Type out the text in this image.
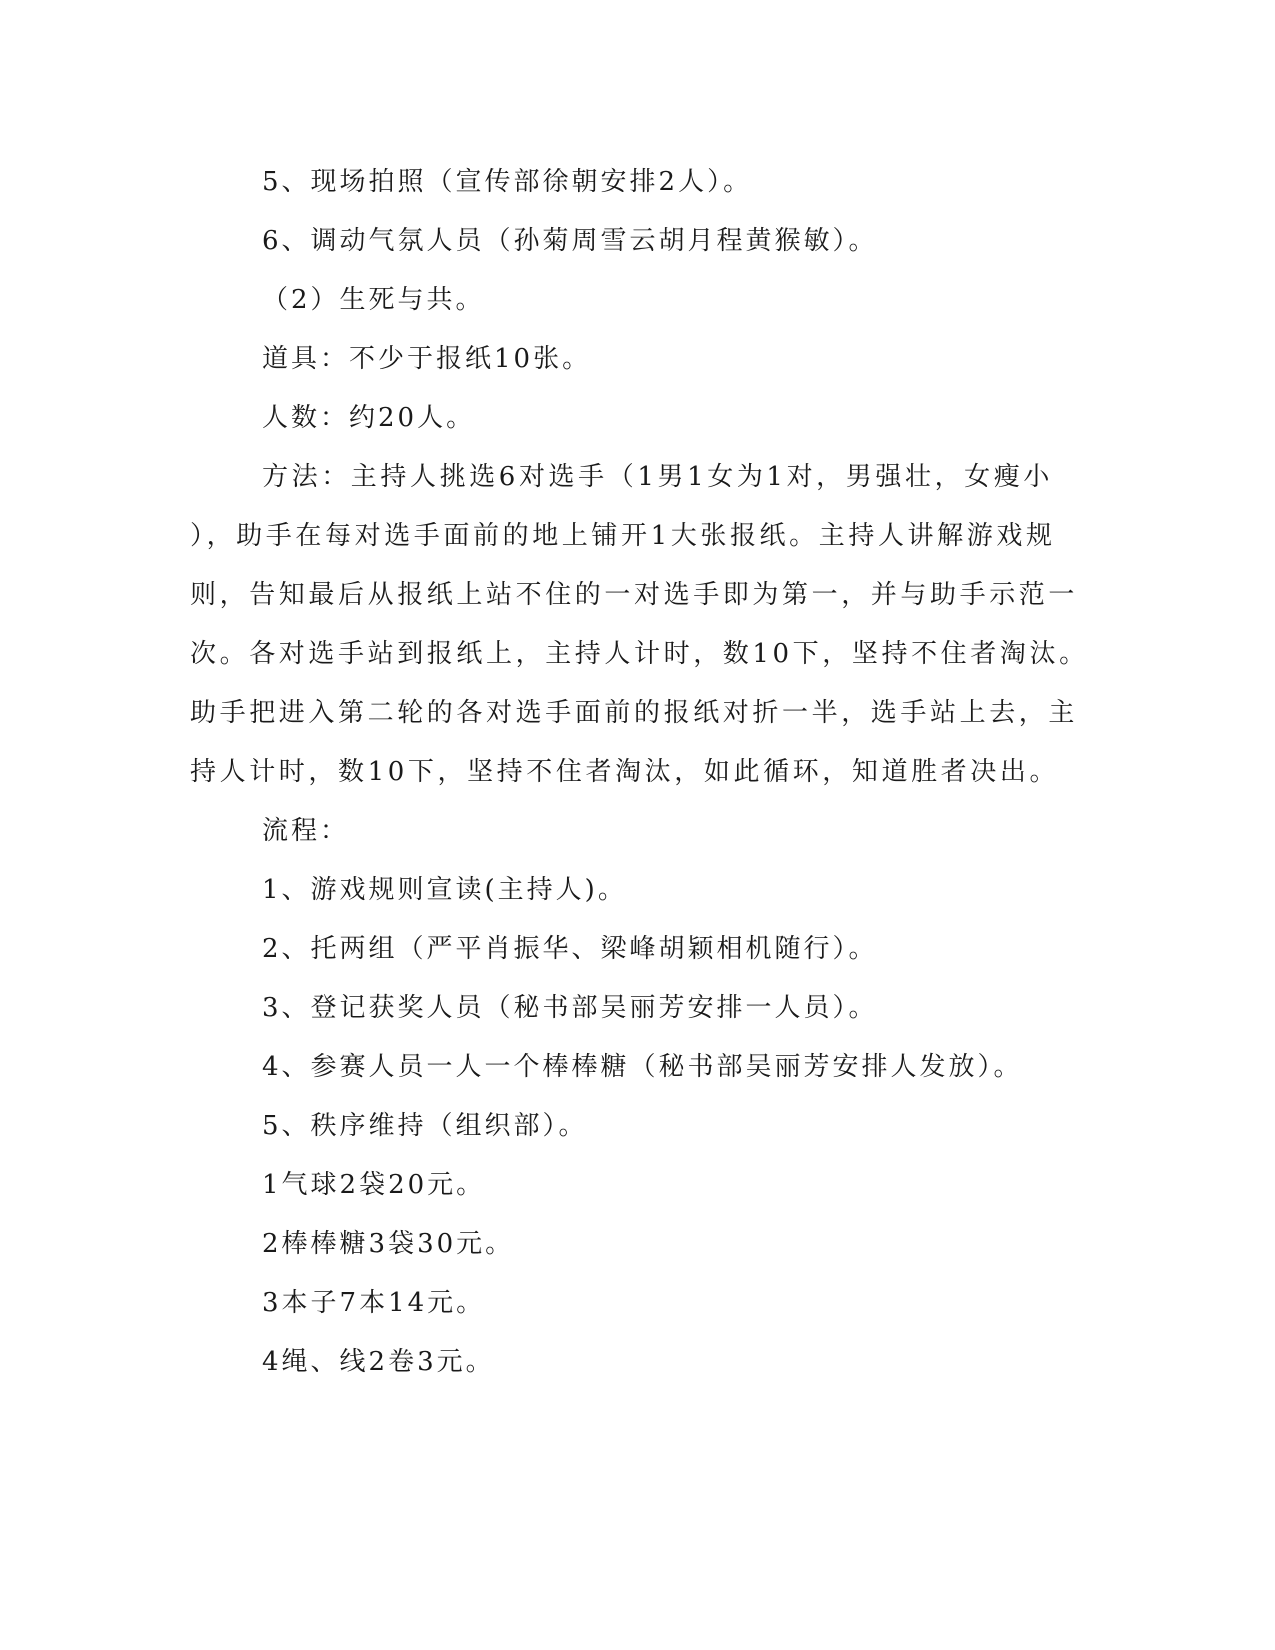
5、现场拍照（宣传部徐朝安排2人）。
6、调动气氛人员（孙菊周雪云胡月程黄猴敏）。
（2）生死与共。
道具：不少于报纸10张。
人数：约20人。
方法：主持人挑选6对选手（1男1女为1对，男强壮，女瘦小
），助手在每对选手面前的地上铺开1大张报纸。主持人讲解游戏规
则，告知最后从报纸上站不住的一对选手即为第一，并与助手示范一
次。各对选手站到报纸上，主持人计时，数10下，坚持不住者淘汰。
助手把进入第二轮的各对选手面前的报纸对折一半，选手站上去，主
持人计时，数10下，坚持不住者淘汰，如此循环，知道胜者决出。
流程：
1、游戏规则宣读(主持人)。
2、托两组（严平肖振华、梁峰胡颖相机随行）。
3、登记获奖人员（秘书部吴丽芳安排一人员）。
4、参赛人员一人一个棒棒糖（秘书部吴丽芳安排人发放）。
5、秩序维持（组织部）。
1气球2袋20元。
2棒棒糖3袋30元。
3本子7本14元。
4绳、线2卷3元。
